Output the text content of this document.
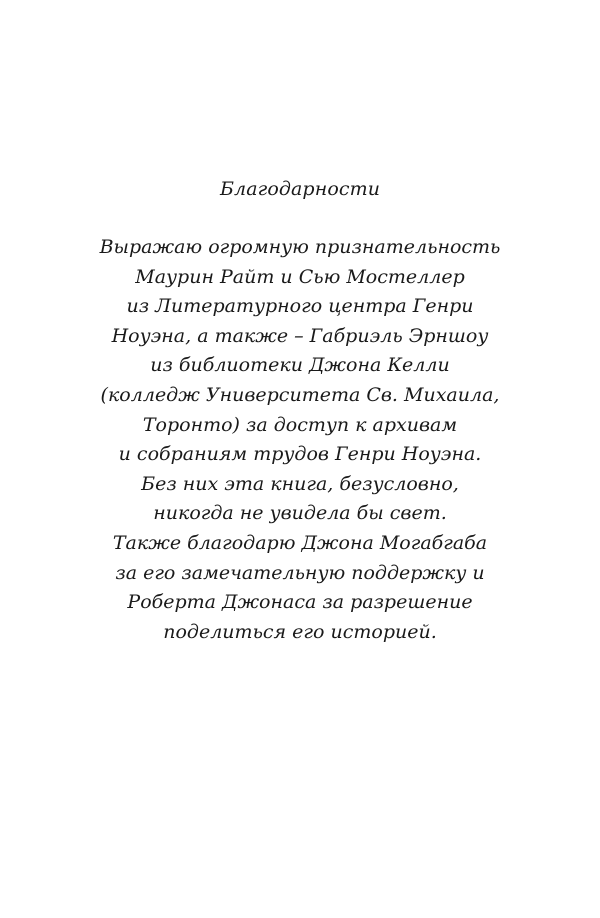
Благодарности
Выражаю огромную признательность
Маурин Райт и Сью Мостеллер
из Литературного центра Генри
Ноуэна, а также – Габриэль Эрншоу
из библиотеки Джона Келли
(колледж Университета Св. Михаила,
Торонто) за доступ к архивам
и собраниям трудов Генри Ноуэна.
Без них эта книга, безусловно,
никогда не увидела бы свет.
Также благодарю Джона Могабгаба
за его замечательную поддержку и
Роберта Джонаса за разрешение
поделиться его историей.
